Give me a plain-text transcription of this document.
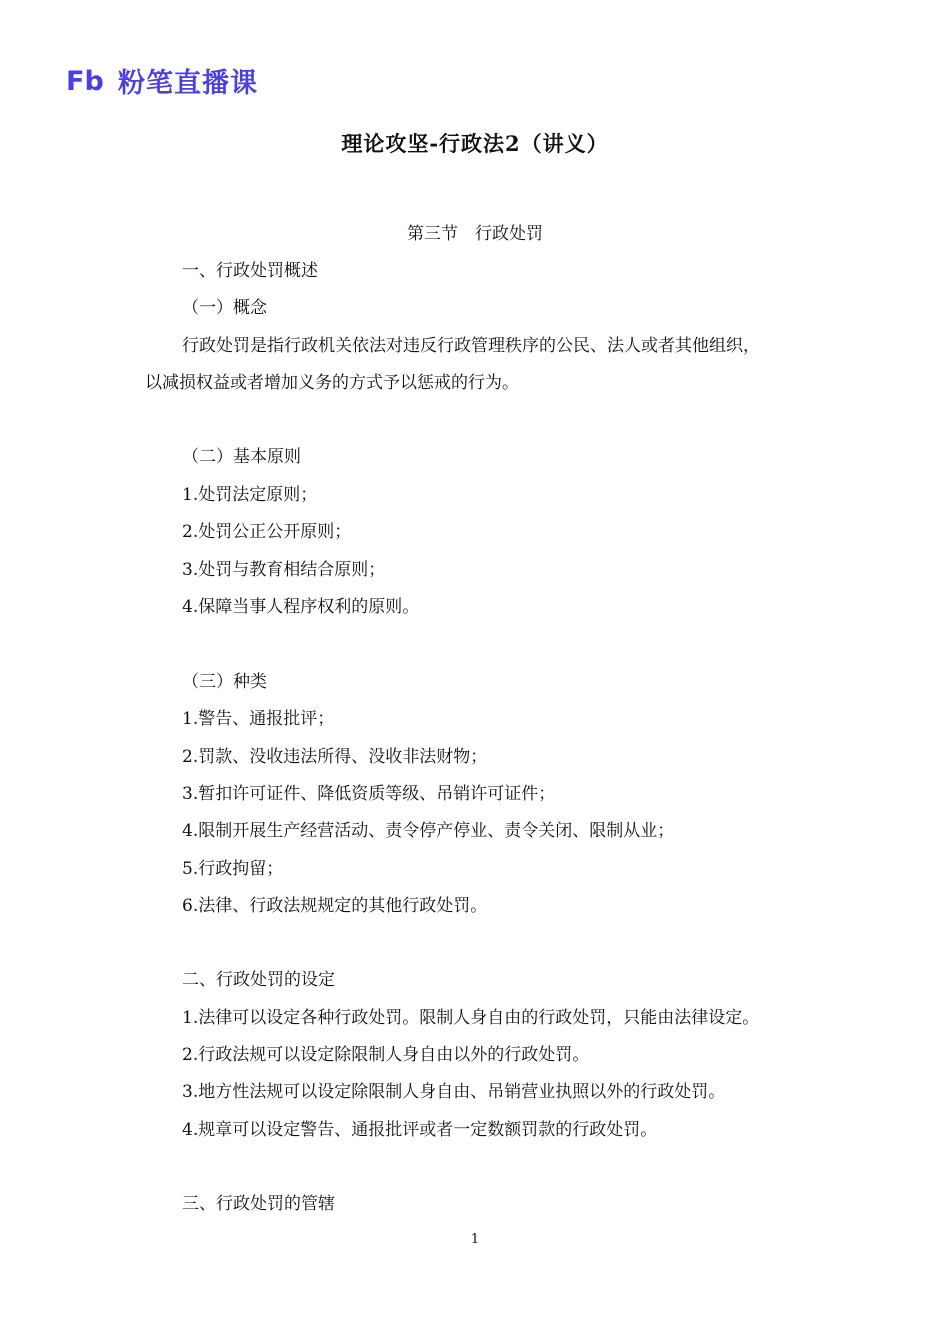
Fb 粉笔直播课
理论攻坚-行政法2（讲义）
第三节　行政处罚
一、行政处罚概述
（一）概念
行政处罚是指行政机关依法对违反行政管理秩序的公民、法人或者其他组织，
以减损权益或者增加义务的方式予以惩戒的行为。
（二）基本原则
1.处罚法定原则；
2.处罚公正公开原则；
3.处罚与教育相结合原则；
4.保障当事人程序权利的原则。
（三）种类
1.警告、通报批评；
2.罚款、没收违法所得、没收非法财物；
3.暂扣许可证件、降低资质等级、吊销许可证件；
4.限制开展生产经营活动、责令停产停业、责令关闭、限制从业；
5.行政拘留；
6.法律、行政法规规定的其他行政处罚。
二、行政处罚的设定
1.法律可以设定各种行政处罚。限制人身自由的行政处罚，只能由法律设定。
2.行政法规可以设定除限制人身自由以外的行政处罚。
3.地方性法规可以设定除限制人身自由、吊销营业执照以外的行政处罚。
4.规章可以设定警告、通报批评或者一定数额罚款的行政处罚。
三、行政处罚的管辖
1
